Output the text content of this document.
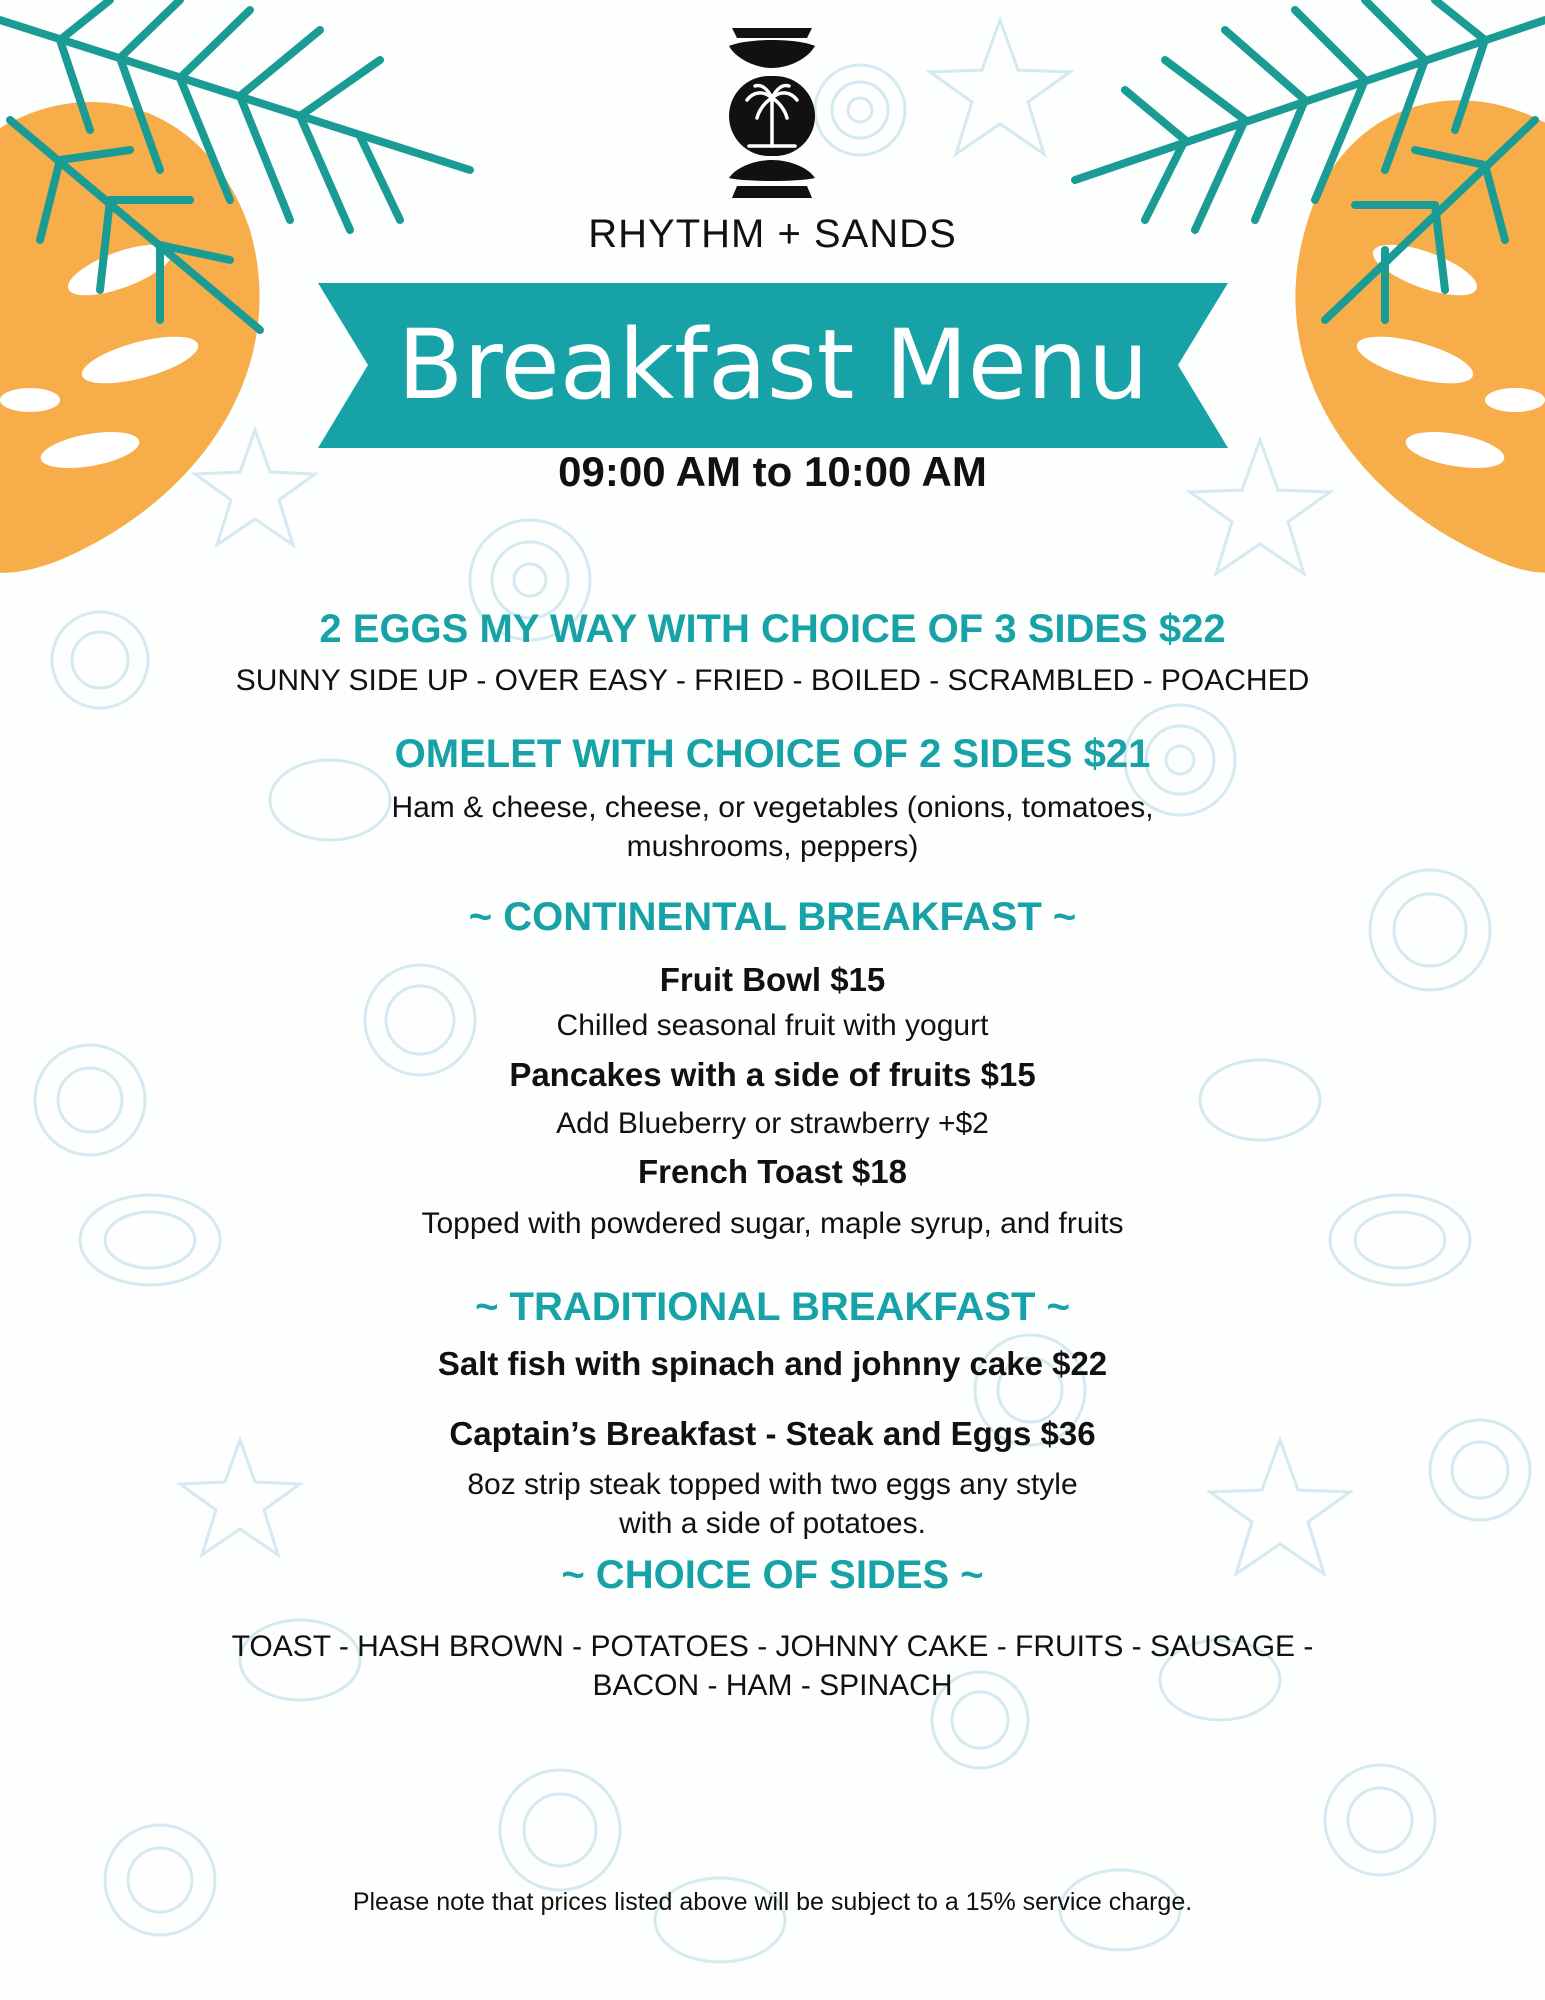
RHYTHM + SANDS
Breakfast Menu
09:00 AM to 10:00 AM
2 EGGS MY WAY WITH CHOICE OF 3 SIDES $22
SUNNY SIDE UP - OVER EASY - FRIED - BOILED - SCRAMBLED - POACHED
OMELET WITH CHOICE OF 2 SIDES $21
Ham & cheese, cheese, or vegetables (onions, tomatoes,
mushrooms, peppers)
~ CONTINENTAL BREAKFAST ~
Fruit Bowl $15
Chilled seasonal fruit with yogurt
Pancakes with a side of fruits $15
Add Blueberry or strawberry +$2
French Toast $18
Topped with powdered sugar, maple syrup, and fruits
~ TRADITIONAL BREAKFAST ~
Salt fish with spinach and johnny cake $22
Captain’s Breakfast - Steak and Eggs $36
8oz strip steak topped with two eggs any style
with a side of potatoes.
~ CHOICE OF SIDES ~
TOAST - HASH BROWN - POTATOES - JOHNNY CAKE - FRUITS - SAUSAGE -
BACON - HAM - SPINACH
Please note that prices listed above will be subject to a 15% service charge.
